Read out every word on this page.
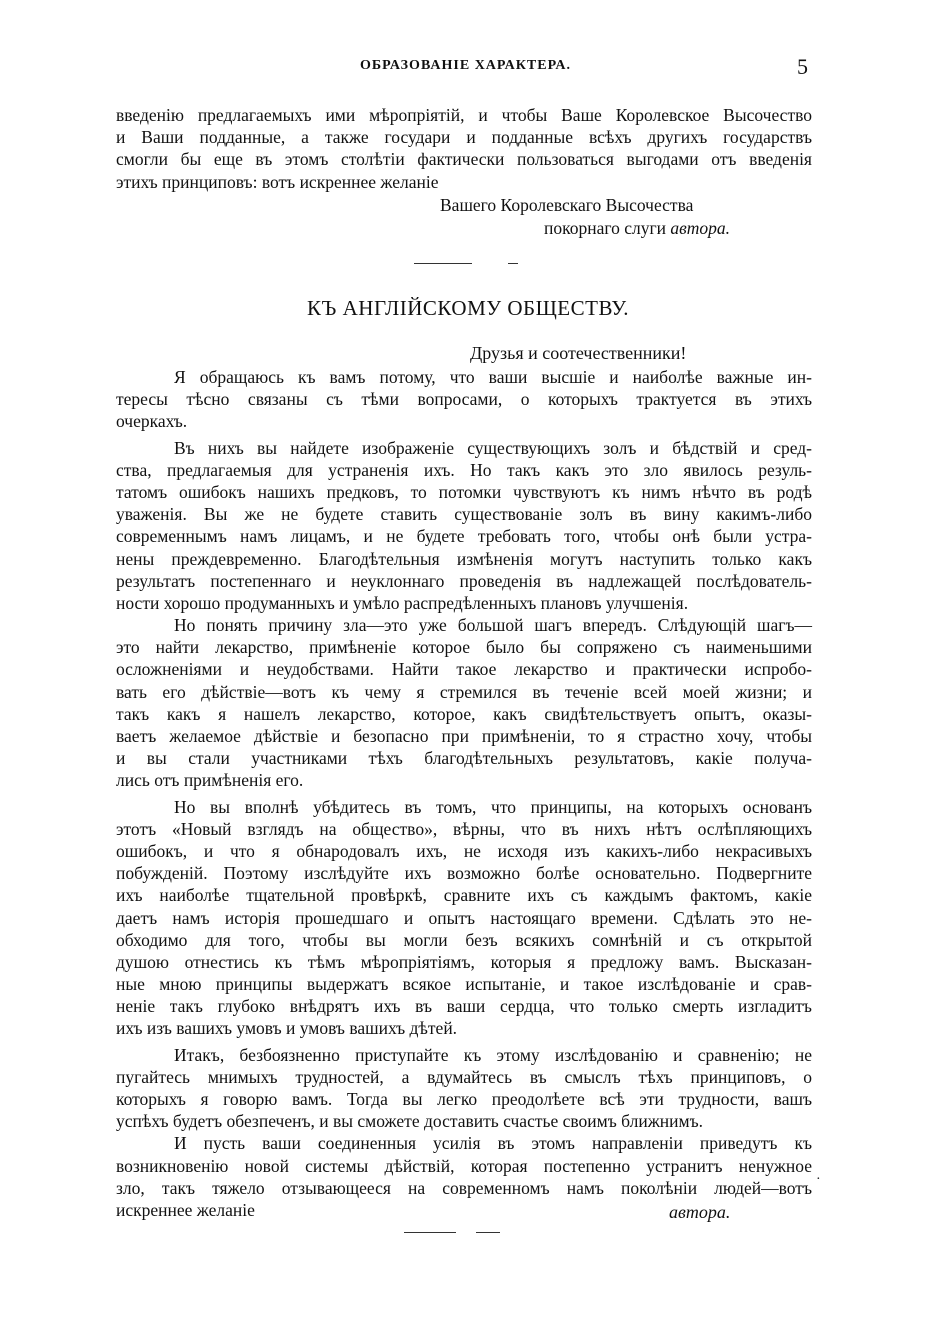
ОБРАЗОВАНІЕ ХАРАКТЕРА.	5
введенію предлагаемыхъ ими мѣропріятій, и чтобы Ваше Королевское Высочество
и Ваши подданные, а также государи и подданные всѣхъ другихъ государствъ
смогли бы еще въ этомъ столѣтіи фактически пользоваться выгодами отъ введенія
этихъ принциповъ: вотъ искреннее желаніе
Вашего Королевскаго Высочества
покорнаго слуги автора.
КЪ АНГЛІЙСКОМУ ОБЩЕСТВУ.
Друзья и соотечественники!
Я обращаюсь къ вамъ потому, что ваши высшіе и наиболѣе важные ин-
тересы тѣсно связаны съ тѣми вопросами, о которыхъ трактуется въ этихъ
очеркахъ.
Въ нихъ вы найдете изображеніе существующихъ золъ и бѣдствій и сред-
ства, предлагаемыя для устраненія ихъ. Но такъ какъ это зло явилось резуль-
татомъ ошибокъ нашихъ предковъ, то потомки чувствуютъ къ нимъ нѣчто въ родѣ
уваженія. Вы же не будете ставить существованіе золъ въ вину какимъ-либо
современнымъ намъ лицамъ, и не будете требовать того, чтобы онѣ были устра-
нены преждевременно. Благодѣтельныя измѣненія могутъ наступить только какъ
результатъ постепеннаго и неуклоннаго проведенія въ надлежащей послѣдователь-
ности хорошо продуманныхъ и умѣло распредѣленныхъ плановъ улучшенія.
Но понять причину зла—это уже большой шагъ впередъ. Слѣдующій шагъ—
это найти лекарство, примѣненіе которое было бы сопряжено съ наименьшими
осложненіями и неудобствами. Найти такое лекарство и практически испробо-
вать его дѣйствіе—вотъ къ чему я стремился въ теченіе всей моей жизни; и
такъ какъ я нашелъ лекарство, которое, какъ свидѣтельствуетъ опытъ, оказы-
ваетъ желаемое дѣйствіе и безопасно при примѣненіи, то я страстно хочу, чтобы
и вы стали участниками тѣхъ благодѣтельныхъ результатовъ, какіе получа-
лись отъ примѣненія его.
Но вы вполнѣ убѣдитесь въ томъ, что принципы, на которыхъ основанъ
этотъ «Новый взглядъ на общество», вѣрны, что въ нихъ нѣтъ ослѣпляющихъ
ошибокъ, и что я обнародовалъ ихъ, не исходя изъ какихъ-либо некрасивыхъ
побужденій. Поэтому изслѣдуйте ихъ возможно болѣе основательно. Подвергните
ихъ наиболѣе тщательной провѣркѣ, сравните ихъ съ каждымъ фактомъ, какіе
даетъ намъ исторія прошедшаго и опытъ настоящаго времени. Сдѣлать это не-
обходимо для того, чтобы вы могли безъ всякихъ сомнѣній и съ открытой
душою отнестись къ тѣмъ мѣропріятіямъ, которыя я предложу вамъ. Высказан-
ные мною принципы выдержатъ всякое испытаніе, и такое изслѣдованіе и срав-
неніе такъ глубоко внѣдрятъ ихъ въ ваши сердца, что только смерть изгладитъ
ихъ изъ вашихъ умовъ и умовъ вашихъ дѣтей.
Итакъ, безбоязненно приступайте къ этому изслѣдованію и сравненію; не
пугайтесь мнимыхъ трудностей, а вдумайтесь въ смыслъ тѣхъ принциповъ, о
которыхъ я говорю вамъ. Тогда вы легко преодолѣете всѣ эти трудности, вашъ
успѣхъ будетъ обезпеченъ, и вы сможете доставить счастье своимъ ближнимъ.
И пусть ваши соединенныя усилія въ этомъ направленіи приведутъ къ
возникновенію новой системы дѣйствій, которая постепенно устранитъ ненужное
зло, такъ тяжело отзывающееся на современномъ намъ поколѣніи людей—вотъ
искреннее желаніе
·
автора.
